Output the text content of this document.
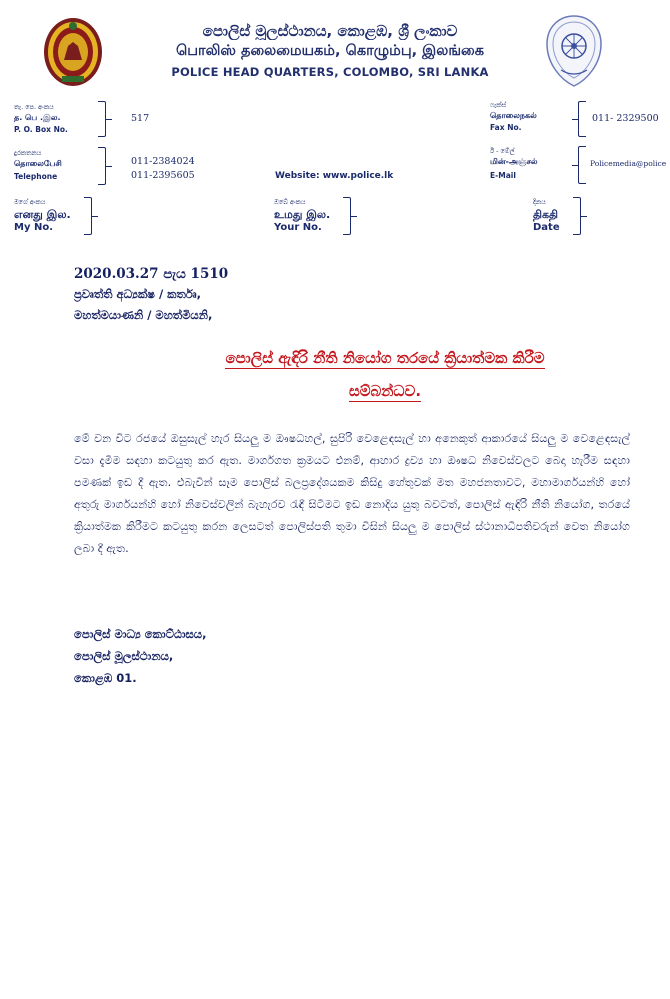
පොලිස් මූලස්ථානය, කොළඹ, ශ්‍රී ලංකාව
பொலிஸ் தலைமையகம், கொழும்பு, இலங்கை
POLICE HEAD QUARTERS, COLOMBO, SRI LANKA
තැ. පෙ. අංකය
த. பெ .இல.
P. O. Box No.
517
ෆැක්ස්
தொலைநகல்
Fax No.
011- 2329500
දුරකතනය
தொலைபேசி
Telephone
011-2384024
011-2395605	Website: www.police.lk
ඊ - මේල්
மின்-அஞ்சல்
E-Mail
Policemedia@police
මගේ අංකය
எனது இல.
My No.
ඔබේ අංකය
உமது இல.
Your No.
දිනය
திகதி
Date
2020.03.27 පැය 1510
ප්‍රවෘත්ති අධ්‍යක්ෂ / කර්තෘ,
මහත්මයාණනි / මහත්මියනි,
පොලිස් ඇඳිරි නීති නියෝග තරයේ ක්‍රියාත්මක කිරීම
සම්බන්ධව.

මේ වන විට රජයේ ඔසුසැල් හැර සියලු ම ඖෂධහල්, සුපිරි වෙළෙඳසැල් හා අනෙකුත් ආකාරයේ සියලු ම වෙළෙඳසැල් වසා දැමීම සඳහා කටයුතු කර ඇත. මාර්ගගත ක්‍රමයට එනම්, ආහාර ද්‍රව්‍ය හා ඖෂධ නිවෙස්වලට බෙදා හැරීම සඳහා පමණක් ඉඩ දී ඇත. එබැවින් සෑම පොලිස් බලප්‍රදේශයකම කිසිදු හේතුවක් මත මහජනතාවට, මහාමාර්ගයන්හි හෝ අතුරු මාර්ගයන්හි හෝ නිවෙස්වලින් බැහැරව රැඳී සිටීමට ඉඩ නොදිය යුතු බවටත්, පොලිස් ඇඳිරි නීති නියෝග, තරයේ ක්‍රියාත්මක කිරීමට කටයුතු කරන ලෙසටත් පොලිස්පති තුමා විසින් සියලු ම පොලිස් ස්ථානාධිපතිවරුන් වෙත නියෝග ලබා දී ඇත.

පොලිස් මාධ්‍ය කොට්ඨාසය,
පොලිස් මූලස්ථානය,
කොළඹ 01.
